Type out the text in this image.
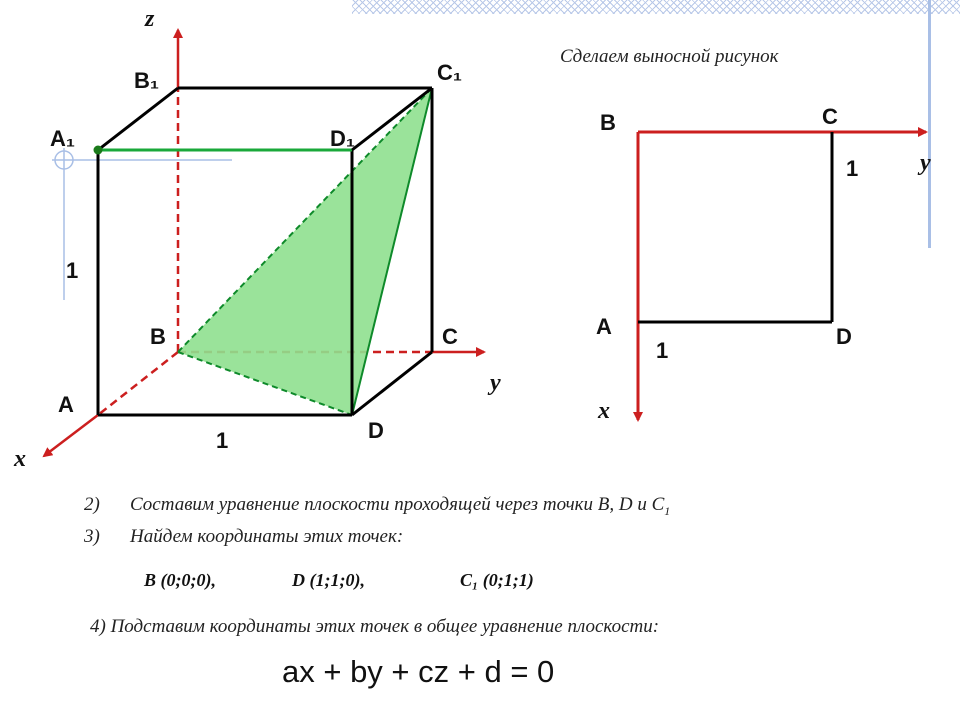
z
y
x
B₁	C₁
A₁	D₁
B	C
A
D
1
1
B	C
A	D
1
1
y
x
Сделаем выносной рисунок
2) Составим уравнение плоскости проходящей через точки B, D и $C_1$
3) Найдем координаты этих точек:
B (0;0;0),	D (1;1;0),	C₁ (0;1;1)
4) Подставим координаты этих точек в общее уравнение плоскости:
ax + by + cz + d = 0
